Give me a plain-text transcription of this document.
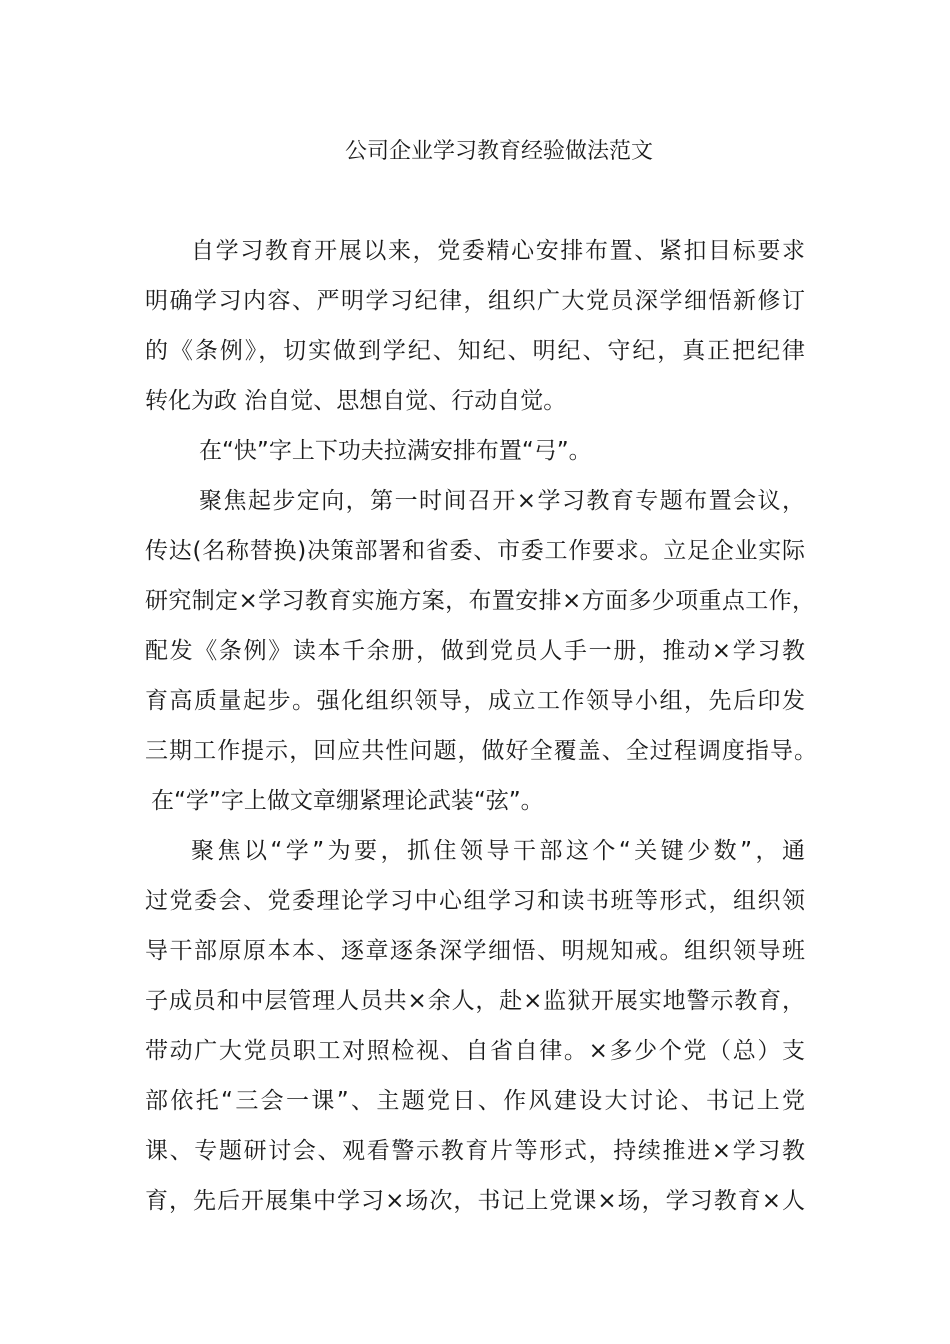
公司企业学习教育经验做法范文
自学习教育开展以来，党委精心安排布置、紧扣目标要求
明确学习内容、严明学习纪律，组织广大党员深学细悟新修订
的《条例》，切实做到学纪、知纪、明纪、守纪，真正把纪律
转化为政 治自觉、思想自觉、行动自觉。
在“快”字上下功夫拉满安排布置“弓”。
聚焦起步定向，第一时间召开×学习教育专题布置会议，
传达(名称替换)决策部署和省委、市委工作要求。立足企业实际
研究制定×学习教育实施方案，布置安排×方面多少项重点工作，
配发《条例》读本千余册，做到党员人手一册，推动×学习教
育高质量起步。强化组织领导，成立工作领导小组，先后印发
三期工作提示，回应共性问题，做好全覆盖、全过程调度指导。
在“学”字上做文章绷紧理论武装“弦”。
聚焦以“学”为要，抓住领导干部这个“关键少数”，通
过党委会、党委理论学习中心组学习和读书班等形式，组织领
导干部原原本本、逐章逐条深学细悟、明规知戒。组织领导班
子成员和中层管理人员共×余人，赴×监狱开展实地警示教育，
带动广大党员职工对照检视、自省自律。×多少个党（总）支
部依托“三会一课”、主题党日、作风建设大讨论、书记上党
课、专题研讨会、观看警示教育片等形式，持续推进×学习教
育，先后开展集中学习×场次，书记上党课×场，学习教育×人
